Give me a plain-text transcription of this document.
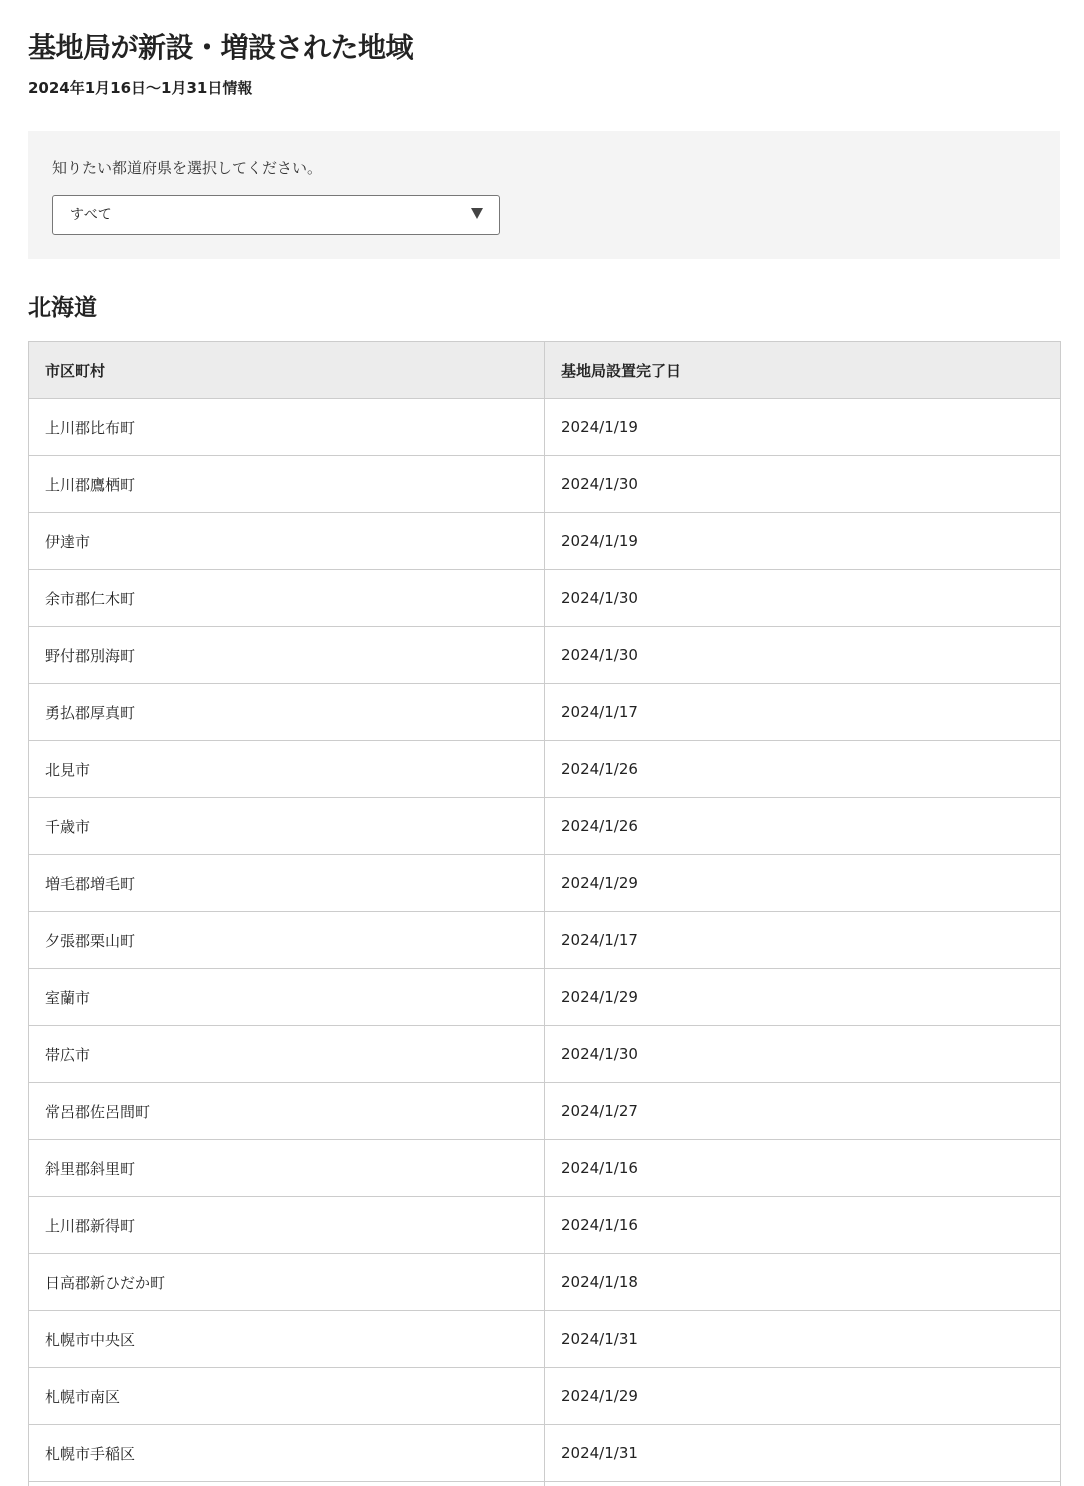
基地局が新設・増設された地域

2024年1月16日〜1月31日情報

知りたい都道府県を選択してください。
すべて
北海道
市区町村	基地局設置完了日
上川郡比布町	2024/1/19
上川郡鷹栖町	2024/1/30
伊達市	2024/1/19
余市郡仁木町	2024/1/30
野付郡別海町	2024/1/30
勇払郡厚真町	2024/1/17
北見市	2024/1/26
千歳市	2024/1/26
増毛郡増毛町	2024/1/29
夕張郡栗山町	2024/1/17
室蘭市	2024/1/29
帯広市	2024/1/30
常呂郡佐呂間町	2024/1/27
斜里郡斜里町	2024/1/16
上川郡新得町	2024/1/16
日高郡新ひだか町	2024/1/18
札幌市中央区	2024/1/31
札幌市南区	2024/1/29
札幌市手稲区	2024/1/31
